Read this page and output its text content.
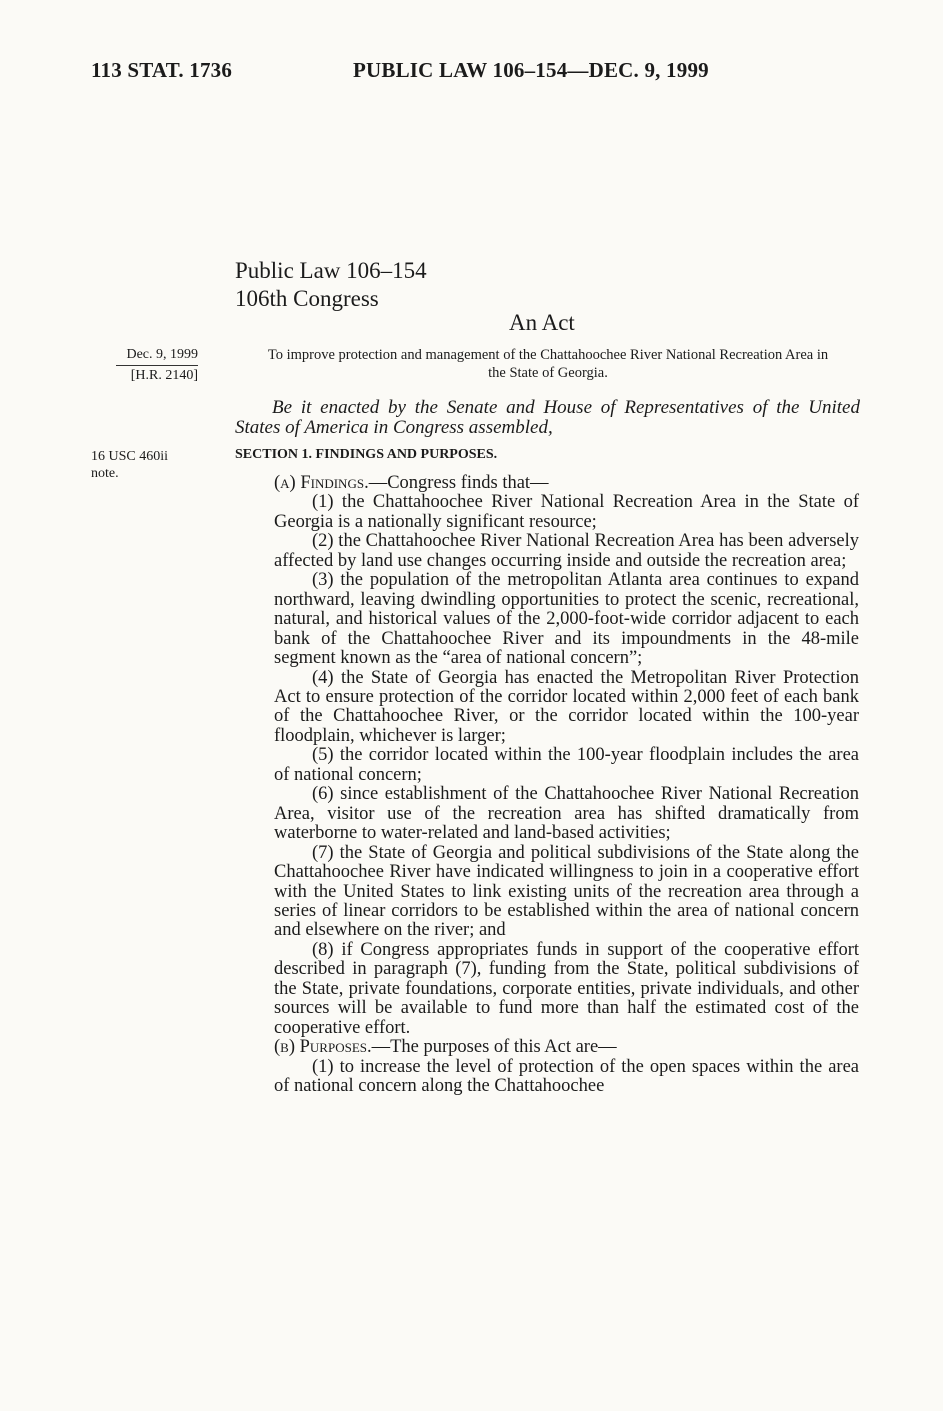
113 STAT. 1736	PUBLIC LAW 106–154—DEC. 9, 1999
Public Law 106–154
106th Congress
An Act
Dec. 9, 1999
[H.R. 2140]
16 USC 460ii
note.
To improve protection and management of the Chattahoochee River National Recreation Area in the State of Georgia.
Be it enacted by the Senate and House of Representatives of the United States of America in Congress assembled,
SECTION 1. FINDINGS AND PURPOSES.

(a) Findings.—Congress finds that—

(1) the Chattahoochee River National Recreation Area in the State of Georgia is a nationally significant resource;

(2) the Chattahoochee River National Recreation Area has been adversely affected by land use changes occurring inside and outside the recreation area;

(3) the population of the metropolitan Atlanta area continues to expand northward, leaving dwindling opportunities to protect the scenic, recreational, natural, and historical values of the 2,000-foot-wide corridor adjacent to each bank of the Chattahoochee River and its impoundments in the 48-mile segment known as the “area of national concern”;

(4) the State of Georgia has enacted the Metropolitan River Protection Act to ensure protection of the corridor located within 2,000 feet of each bank of the Chattahoochee River, or the corridor located within the 100-year floodplain, whichever is larger;

(5) the corridor located within the 100-year floodplain includes the area of national concern;

(6) since establishment of the Chattahoochee River National Recreation Area, visitor use of the recreation area has shifted dramatically from waterborne to water-related and land-based activities;

(7) the State of Georgia and political subdivisions of the State along the Chattahoochee River have indicated willingness to join in a cooperative effort with the United States to link existing units of the recreation area through a series of linear corridors to be established within the area of national concern and elsewhere on the river; and

(8) if Congress appropriates funds in support of the cooperative effort described in paragraph (7), funding from the State, political subdivisions of the State, private foundations, corporate entities, private individuals, and other sources will be available to fund more than half the estimated cost of the cooperative effort.

(b) Purposes.—The purposes of this Act are—

(1) to increase the level of protection of the open spaces within the area of national concern along the Chattahoochee
